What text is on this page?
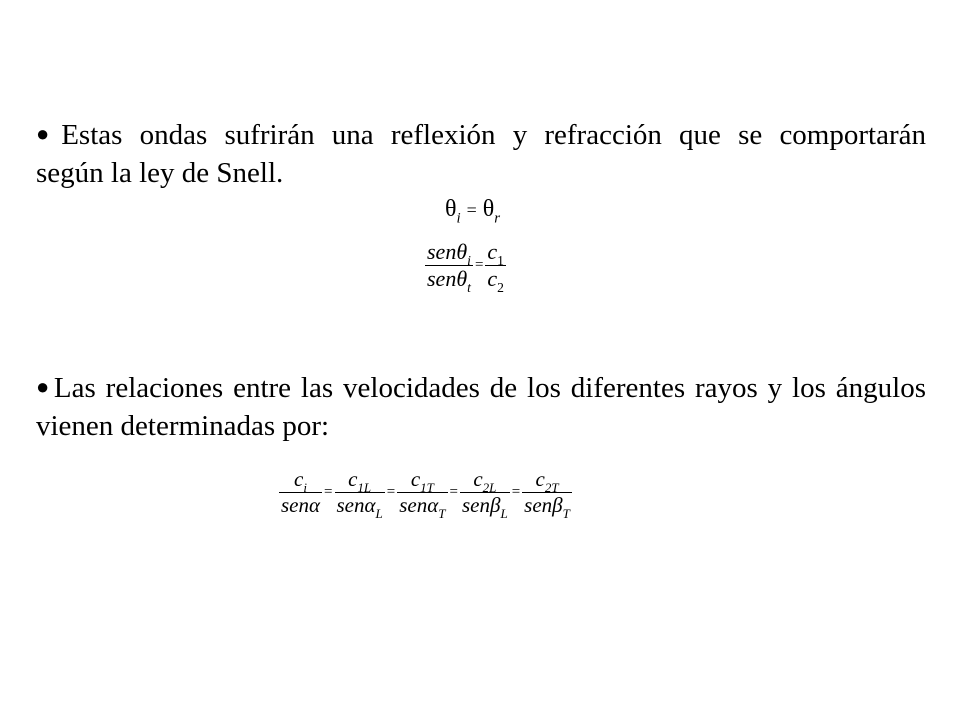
●Estas ondas sufrirán una reflexión y refracción que se comportarán
según la ley de Snell.

$\theta_i = \theta_r$
$\frac{sen\theta_i}{sen\theta_t} = \frac{c_1}{c_2}$

●Las relaciones entre las velocidades de los diferentes rayos y los ángulos
vienen determinadas por:

$\frac{c_i}{\text{senα}} = \frac{c_{1L}}{sen\alpha_L} = \frac{c_{1T}}{sen\alpha_T} = \frac{c_{2L}}{sen\beta_L} = \frac{c_{2T}}{sen\beta_T}$
